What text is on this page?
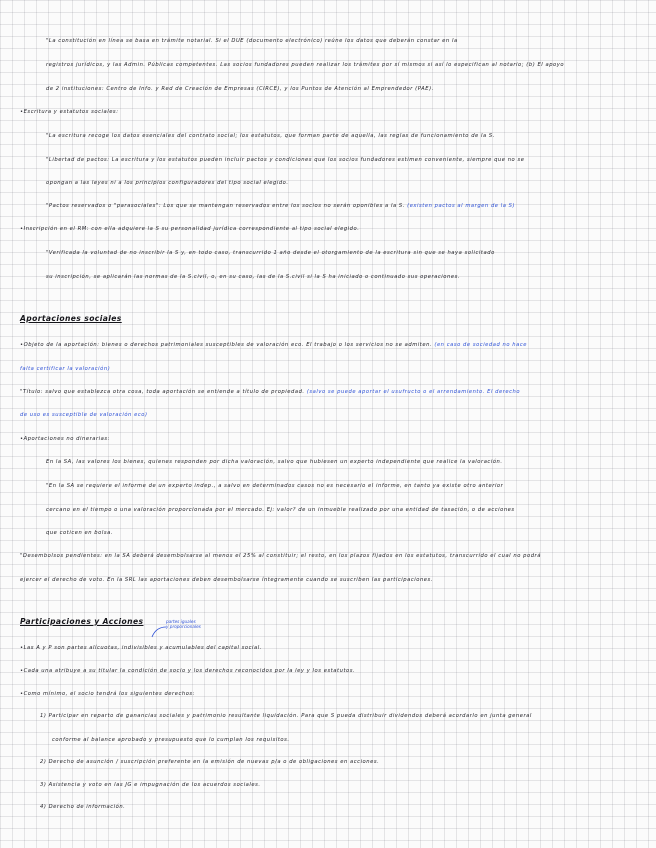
"La constitución en línea se basa en trámite notarial. Si el DUE (documento electrónico) reúne los datos que deberán constar en la
registros jurídicos, y las Admin. Públicas competentes. Las socios fundadores pueden realizar los trámites por sí mismos si así lo especifican al notario; (b) El apoyo
de 2 instituciones: Centro de Info. y Red de Creación de Empresas (CIRCE), y los Puntos de Atención al Emprendedor (PAE).
•Escritura y estatutos sociales:
"La escritura recoge los datos esenciales del contrato social; los estatutos, que forman parte de aquella, las reglas de funcionamiento de la S.
"Libertad de pactos: La escritura y los estatutos pueden incluir pactos y condiciones que los socios fundadores estimen conveniente, siempre que no se
opongan a las leyes ni a los principios configuradores del tipo social elegido.
"Pactos reservados o "parasociales": Los que se mantengan reservados entre los socios no serán oponibles a la S. (existen pactos al margen de la S)
•Inscripción en el RM: con ella adquiere la S su personalidad jurídica correspondiente al tipo social elegido.
"Verificada la voluntad de no inscribir la S y, en todo caso, transcurrido 1 año desde el otorgamiento de la escritura sin que se haya solicitado
su inscripción, se aplicarán las normas de la S.civil, o, en su caso, las de la S.civil si la S ha iniciado o continuado sus operaciones.
Aportaciones sociales
•Objeto de la aportación: bienes o derechos patrimoniales susceptibles de valoración eco. El trabajo o los servicios no se admiten. (en caso de sociedad no hace
falta certificar la valoración)
"Título: salvo que establezca otra cosa, toda aportación se entiende a título de propiedad. (salvo se puede aportar el usufructo o el arrendamiento. El derecho
de uso es susceptible de valoración eco)
•Aportaciones no dinerarias:
En la SA, las valores los bienes, quienes responden por dicha valoración, salvo que hubiesen un experto independiente que realice la valoración.
"En la SA se requiere el informe de un experto indep., a salvo en determinados casos no es necesario el informe, en tanto ya existe otro anterior
cercano en el tiempo o una valoración proporcionada por el mercado. Ej: valor? de un inmueble realizado por una entidad de tasación, o de acciones
que coticen en bolsa.
"Desembolsos pendientes: en la SA deberá desembolsarse al menos el 25% al constituir; el resto, en los plazos fijados en los estatutos, transcurrido el cual no podrá
ejercer el derecho de voto. En la SRL las aportaciones deben desembolsarse íntegramente cuando se suscriben las participaciones.
Participaciones y Acciones	partes iguales
y proporcionales
•Las A y P son partes alícuotas, indivisibles y acumulables del capital social.
•Cada una atribuye a su titular la condición de socio y los derechos reconocidos por la ley y los estatutos.
•Como mínimo, el socio tendrá los siguientes derechos:
1) Participar en reparto de ganancias sociales y patrimonio resultante liquidación. Para que S pueda distribuir dividendos deberá acordarlo en junta general
conforme al balance aprobado y presupuesto que lo cumplan los requisitos.
2) Derecho de asunción / suscripción preferente en la emisión de nuevas p/a o de obligaciones en acciones.
3) Asistencia y voto en las JG e impugnación de los acuerdos sociales.
4) Derecho de información.
